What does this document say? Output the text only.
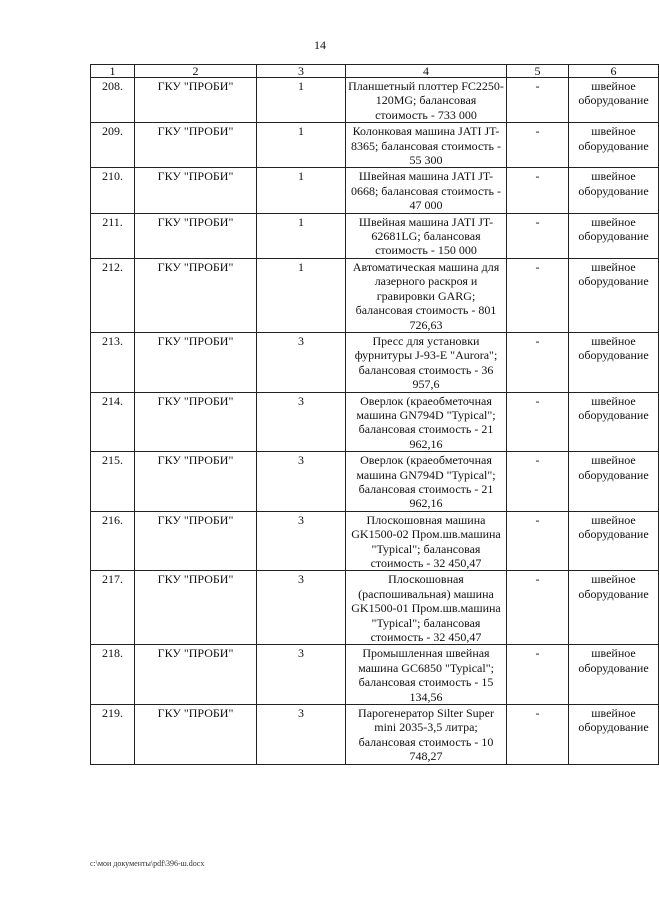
14
1	2	3	4	5	6
208.	ГКУ "ПРОБИ"	1	Планшетный плоттер FC2250-120MG; балансовая стоимость - 733 000	-	швейное оборудование
209.	ГКУ "ПРОБИ"	1	Колонковая машина JATI JT-8365; балансовая стоимость - 55 300	-	швейное оборудование
210.	ГКУ "ПРОБИ"	1	Швейная машина JATI JT-0668; балансовая стоимость - 47 000	-	швейное оборудование
211.	ГКУ "ПРОБИ"	1	Швейная машина JATI JT-62681LG; балансовая стоимость - 150 000	-	швейное оборудование
212.	ГКУ "ПРОБИ"	1	Автоматическая машина для лазерного раскроя и гравировки GARG; балансовая стоимость - 801 726,63	-	швейное оборудование
213.	ГКУ "ПРОБИ"	3	Пресс для установки фурнитуры J-93-E "Aurora"; балансовая стоимость - 36 957,6	-	швейное оборудование
214.	ГКУ "ПРОБИ"	3	Оверлок (краеобметочная машина GN794D "Typical"; балансовая стоимость - 21 962,16	-	швейное оборудование
215.	ГКУ "ПРОБИ"	3	Оверлок (краеобметочная машина GN794D "Typical"; балансовая стоимость - 21 962,16	-	швейное оборудование
216.	ГКУ "ПРОБИ"	3	Плоскошовная машина GK1500-02 Пром.шв.машина "Typical"; балансовая стоимость - 32 450,47	-	швейное оборудование
217.	ГКУ "ПРОБИ"	3	Плоскошовная (распошивальная) машина GK1500-01 Пром.шв.машина "Typical"; балансовая стоимость - 32 450,47	-	швейное оборудование
218.	ГКУ "ПРОБИ"	3	Промышленная швейная машина GC6850 "Typical"; балансовая стоимость - 15 134,56	-	швейное оборудование
219.	ГКУ "ПРОБИ"	3	Парогенератор Silter Super mini 2035-3,5 литра; балансовая стоимость - 10 748,27	-	швейное оборудование
c:\мои документы\pdf\396-ш.docx
